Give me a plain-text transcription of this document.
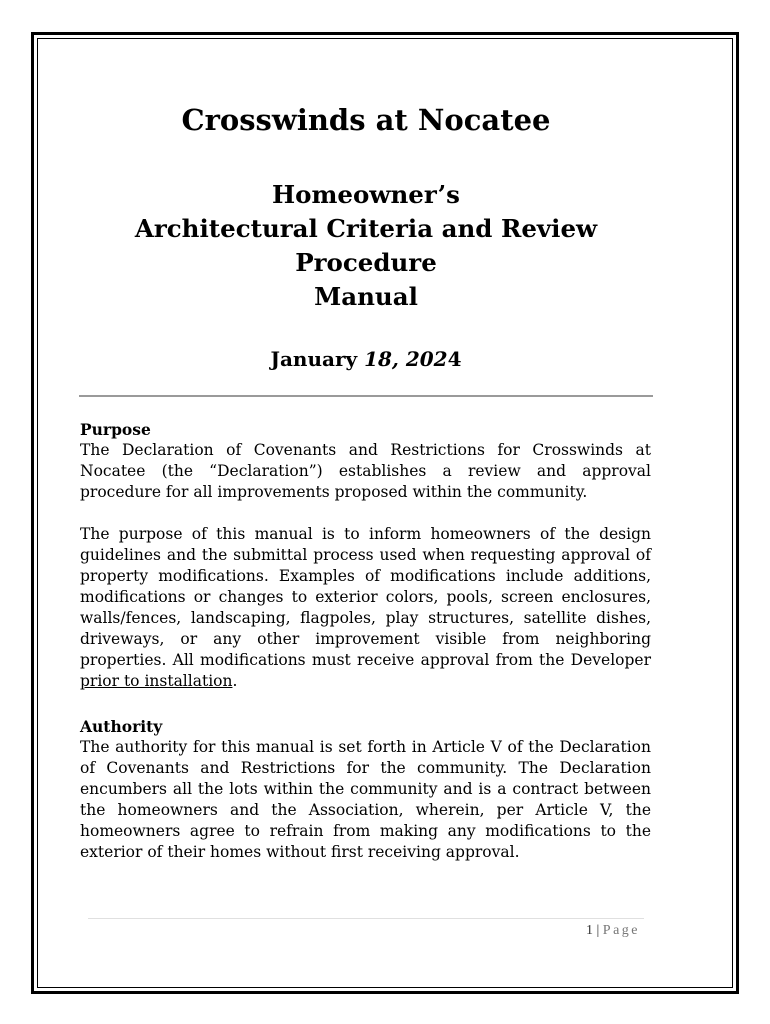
Crosswinds at Nocatee
Homeowner’s
Architectural Criteria and Review
Procedure
Manual
January 18, 2024

Purpose

The Declaration of Covenants and Restrictions for Crosswinds at Nocatee (the “Declaration”) establishes a review and approval procedure for all improvements proposed within the community.

The purpose of this manual is to inform homeowners of the design guidelines and the submittal process used when requesting approval of property modifications. Examples of modifications include additions, modifications or changes to exterior colors, pools, screen enclosures, walls/fences, landscaping, flagpoles, play structures, satellite dishes, driveways, or any other improvement visible from neighboring properties. All modifications must receive approval from the Developer prior to installation.

Authority

The authority for this manual is set forth in Article V of the Declaration of Covenants and Restrictions for the community. The Declaration encumbers all the lots within the community and is a contract between the homeowners and the Association, wherein, per Article V, the homeowners agree to refrain from making any modifications to the exterior of their homes without first receiving approval.

1 | Page
